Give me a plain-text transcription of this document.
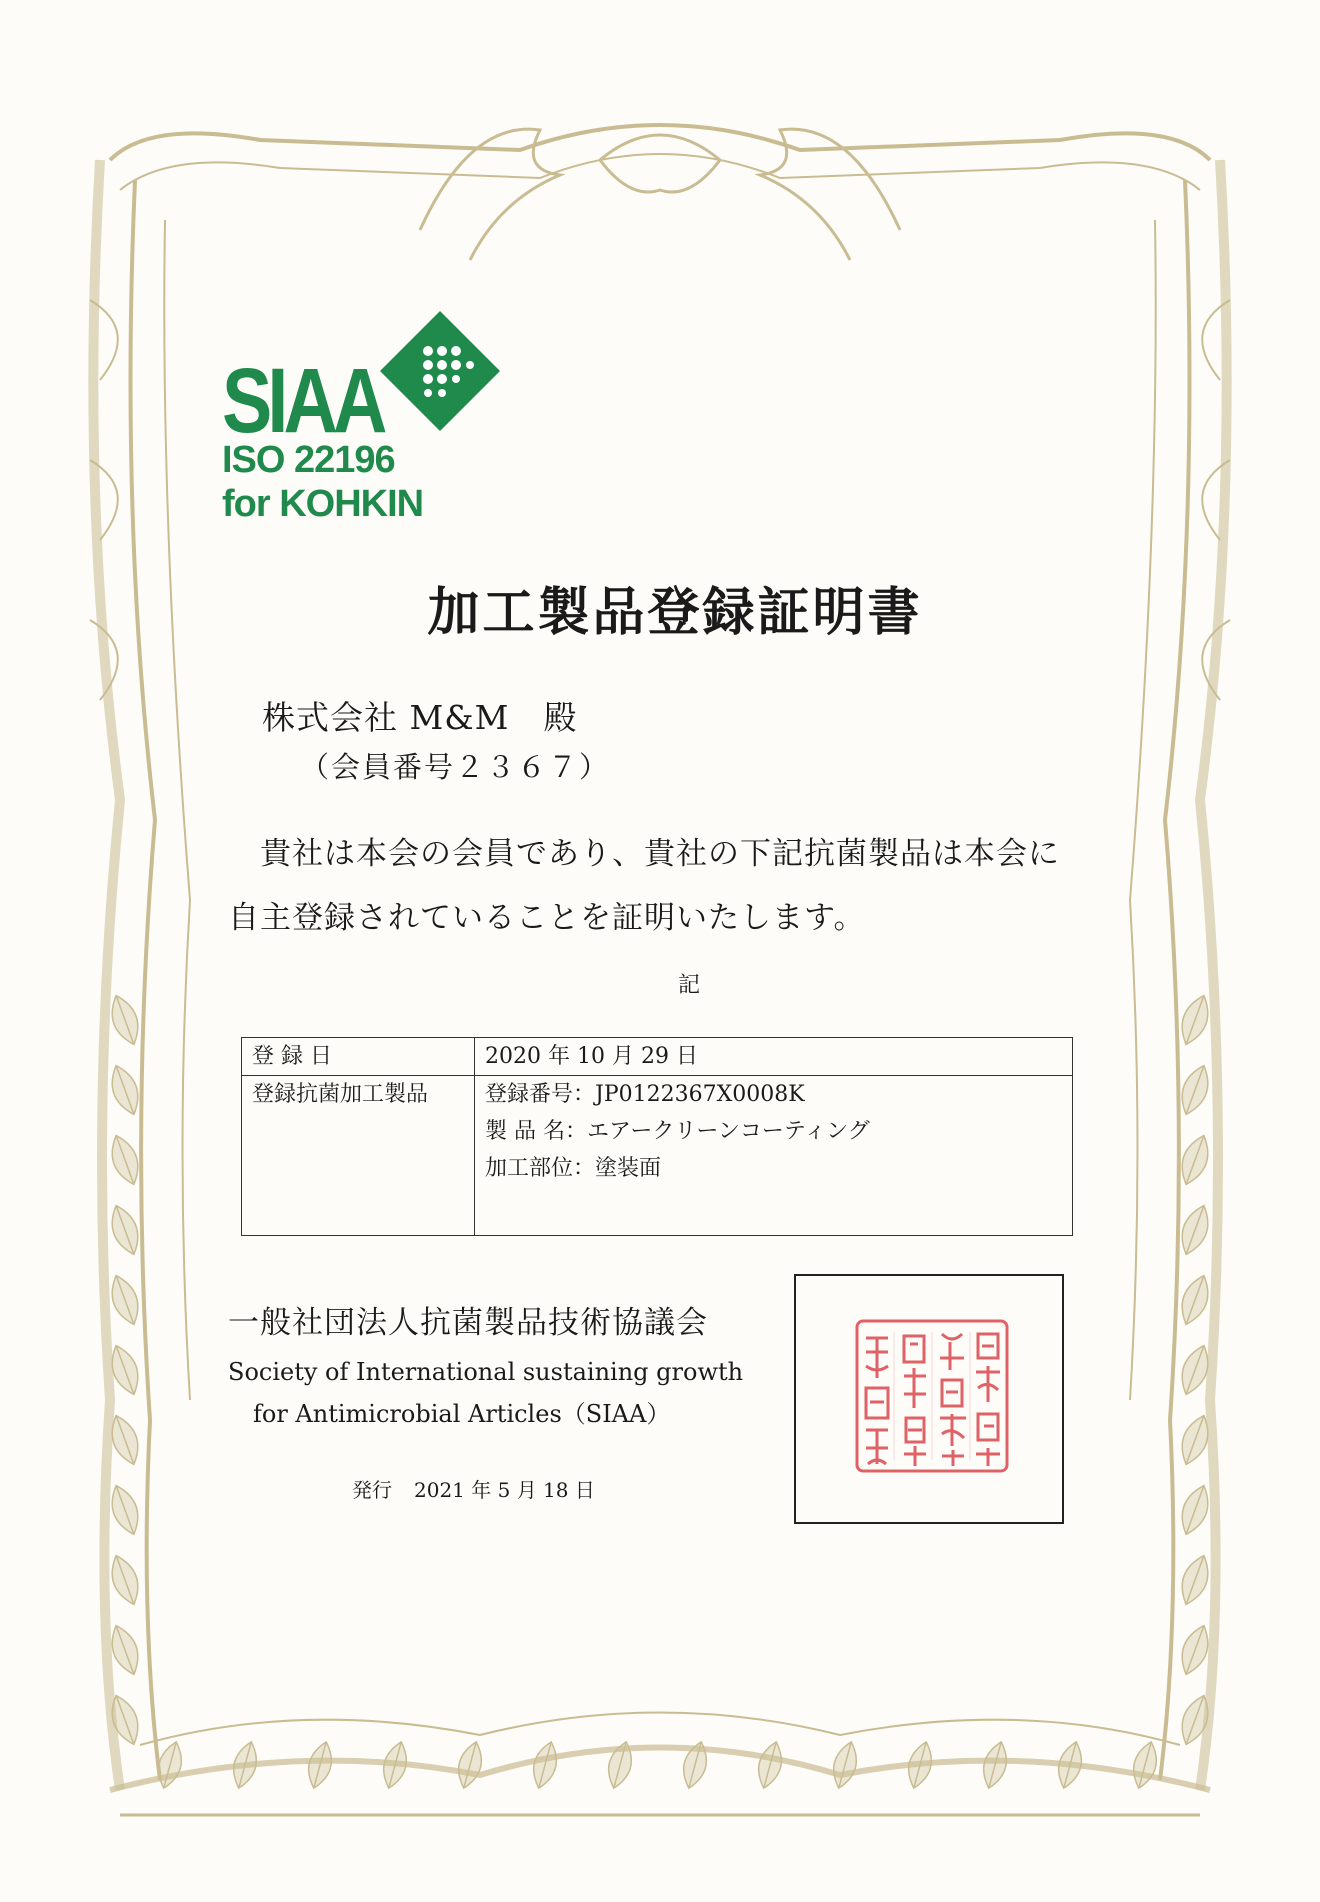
SIAA
ISO 22196
for KOHKIN
加工製品登録証明書
株式会社 M&M　殿
（会員番号２３６７）
貴社は本会の会員であり、貴社の下記抗菌製品は本会に
自主登録されていることを証明いたします。
記
登 録 日	2020 年 10 月 29 日

登録抗菌加工製品	登録番号：JP0122367X0008K
製 品 名：エアークリーンコーティング
加工部位：塗装面
一般社団法人抗菌製品技術協議会
Society of International sustaining growth
for Antimicrobial Articles（SIAA）
発行 2021 年 5 月 18 日
